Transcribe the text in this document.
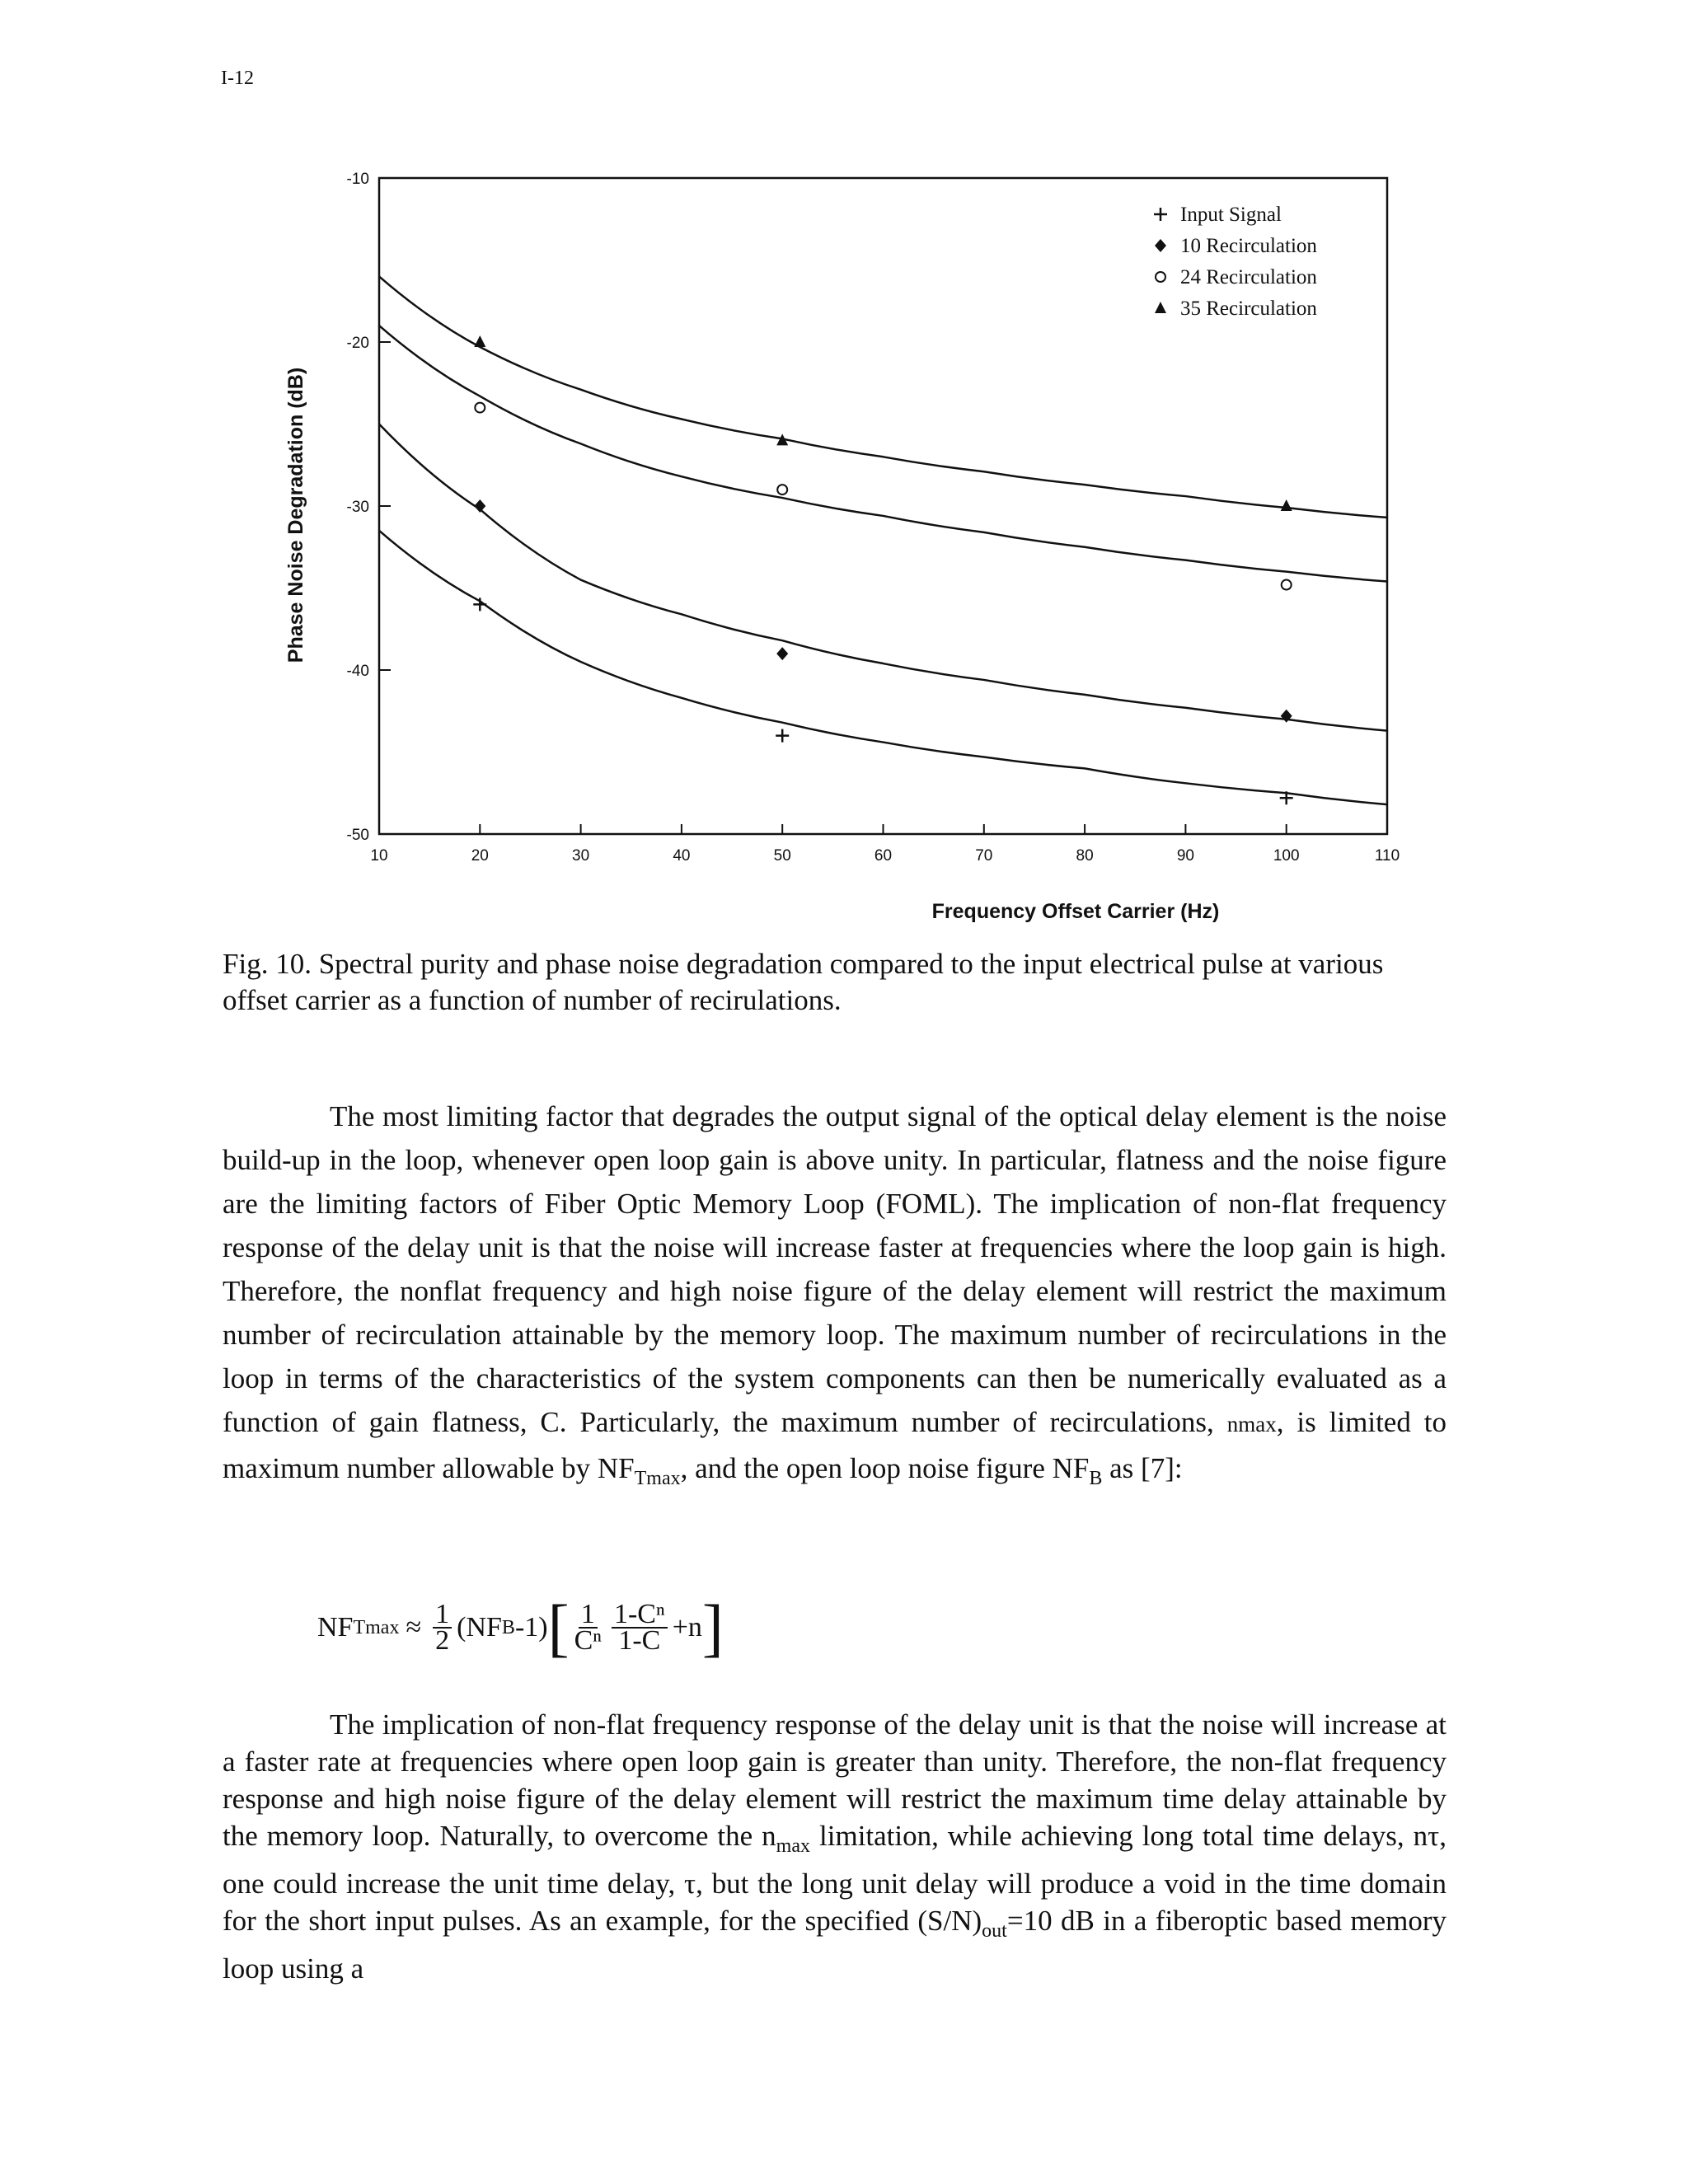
I-12
10	20	30	40	50	60	70	80	90	100	110
-10
-20
-30
-40
-50
Input Signal
10 Recirculation
24 Recirculation
35 Recirculation
Phase Noise Degradation (dB)
Frequency Offset Carrier (Hz)
Fig. 10. Spectral purity and phase noise degradation compared to the input electrical pulse at various offset carrier as a function of number of recirulations.

The most limiting factor that degrades the output signal of the optical delay element is the noise build-up in the loop, whenever open loop gain is above unity. In particular, flatness and the noise figure are the limiting factors of Fiber Optic Memory Loop (FOML). The implication of non-flat frequency response of the delay unit is that the noise will increase faster at frequencies where the loop gain is high. Therefore, the nonflat frequency and high noise figure of the delay element will restrict the maximum number of recirculation attainable by the memory loop. The maximum number of recirculations in the loop in terms of the characteristics of the system components can then be numerically evaluated as a function of gain flatness, C. Particularly, the maximum number of recirculations, nmax, is limited to maximum number allowable by $NF_{Tmax}$, and the open loop noise figure $NF_B$ as [7]:

NF $Tmax \approx \frac{1}{2} (NF$ B -1) [ $\frac{1}{\text{Cⁿ}} \frac{\text{1-Cⁿ}}{1-C} +n$ ]

The implication of non-flat frequency response of the delay unit is that the noise will increase at a faster rate at frequencies where open loop gain is greater than unity. Therefore, the non-flat frequency response and high noise figure of the delay element will restrict the maximum time delay attainable by the memory loop. Naturally, to overcome the $n_{max}$ limitation, while achieving long total time delays, nτ, one could increase the unit time delay, τ, but the long unit delay will produce a void in the time domain for the short input pulses. As an example, for the specified $(S/N)_{out}=10$ dB in a fiberoptic based memory loop using a
